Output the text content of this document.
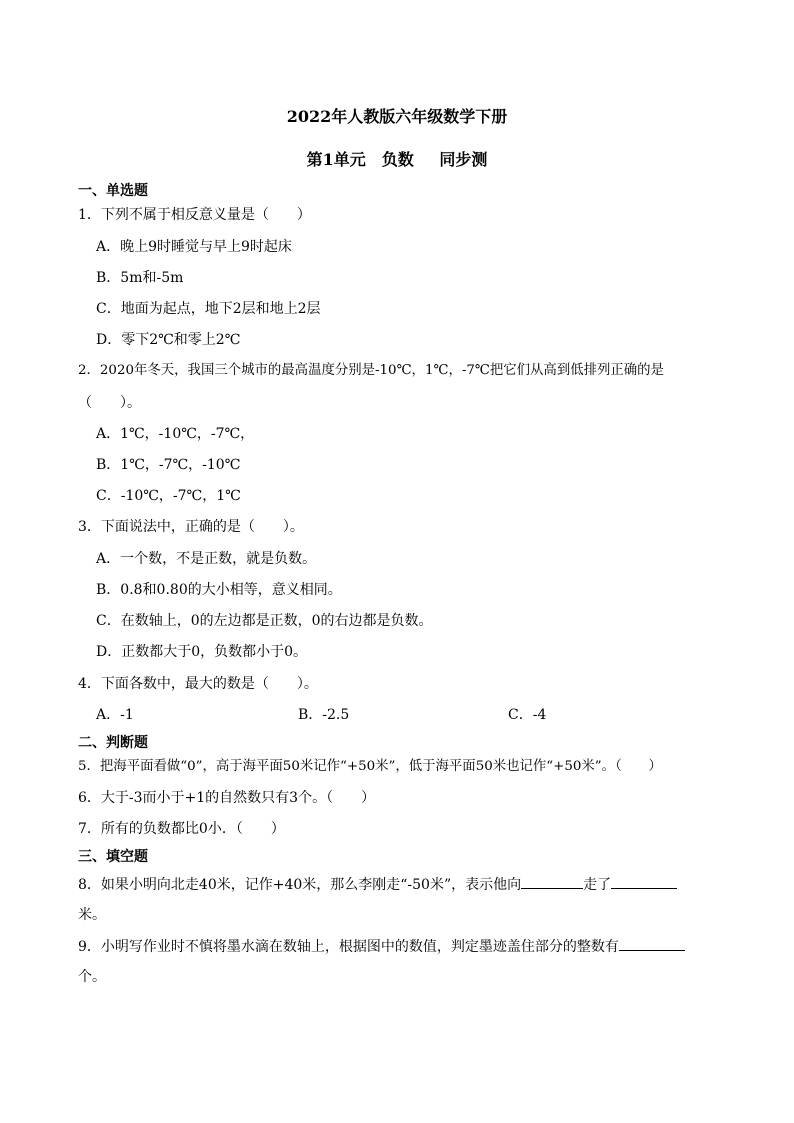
2022年人教版六年级数学下册
第1单元　负数　 同步测
一、单选题
1．下列不属于相反意义量是（　　）
A．晚上9时睡觉与早上9时起床
B．5m和-5m
C．地面为起点，地下2层和地上2层
D．零下2℃和零上2℃
2．2020年冬天，我国三个城市的最高温度分别是-10℃，1℃，-7℃把它们从高到低排列正确的是
（　　）。
A．1℃，-10℃，-7℃，
B．1℃，-7℃，-10℃
C．-10℃，-7℃，1℃
3．下面说法中，正确的是（　　）。
A．一个数，不是正数，就是负数。
B．0.8和0.80的大小相等，意义相同。
C．在数轴上，0的左边都是正数，0的右边都是负数。
D．正数都大于0，负数都小于0。
4．下面各数中，最大的数是（　　）。
A．-1	B．-2.5	C．-4
二、判断题
5．把海平面看做“0”，高于海平面50米记作“+50米”，低于海平面50米也记作“+50米”。（　　）
6．大于-3而小于+1的自然数只有3个。（　　）
7．所有的负数都比0小．（　　）
三、填空题
8．如果小明向北走40米，记作+40米，那么李刚走“-50米”，表示他向	走了
米。
9．小明写作业时不慎将墨水滴在数轴上，根据图中的数值，判定墨迹盖住部分的整数有
个。
